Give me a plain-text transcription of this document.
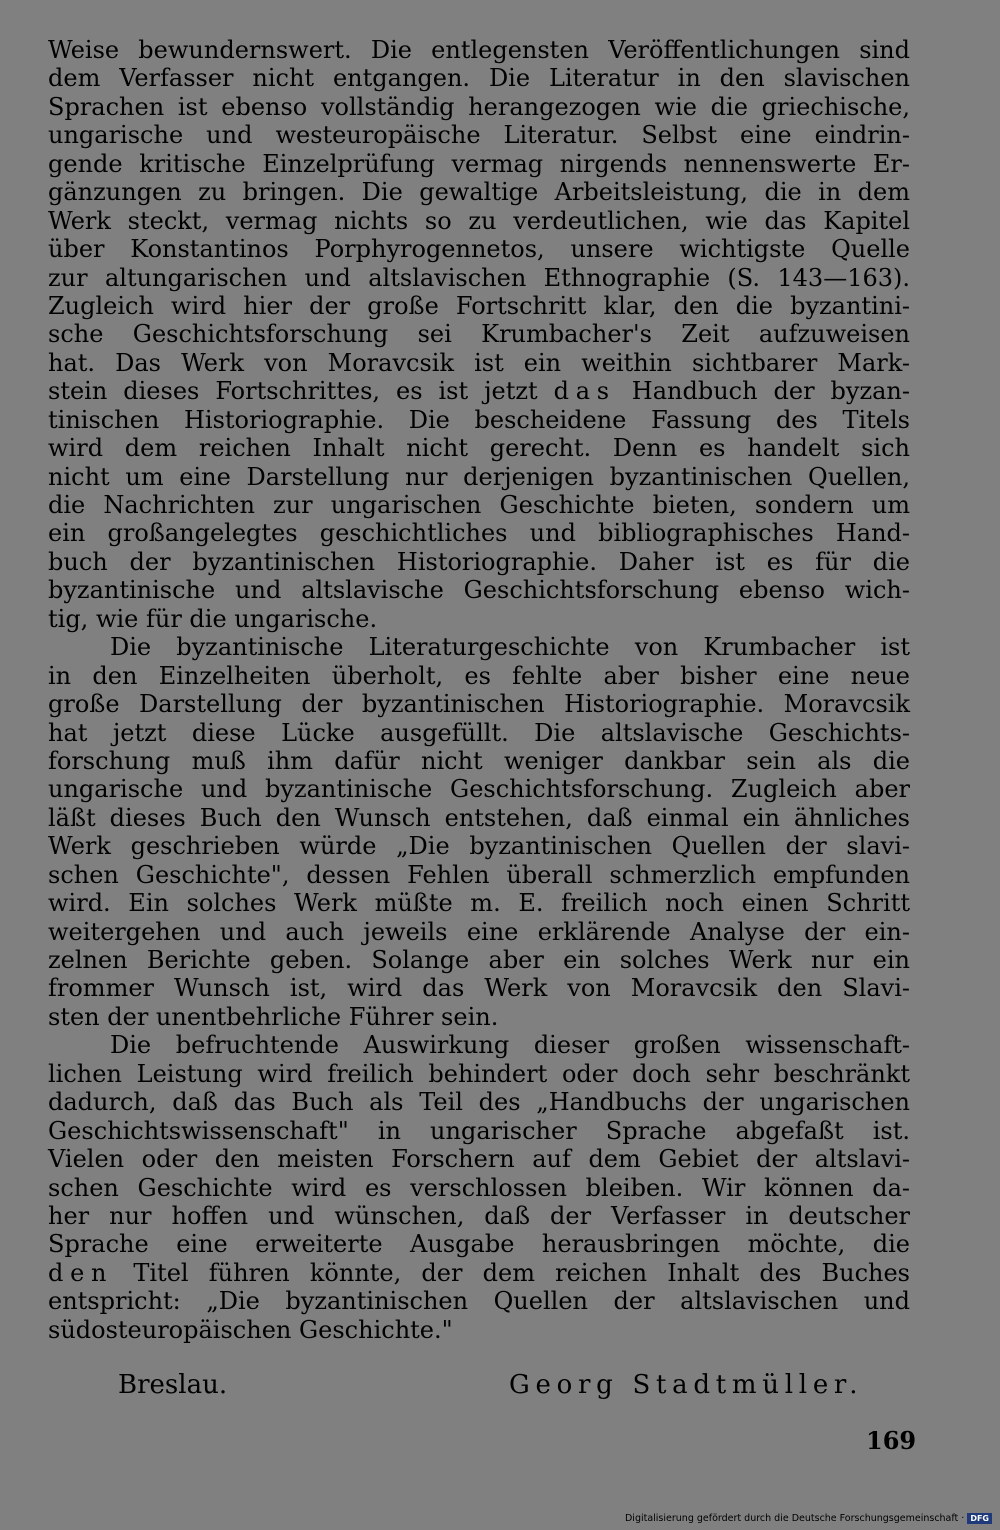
Weise bewundernswert. Die entlegensten Veröffentlichungen sind
dem Verfasser nicht entgangen. Die Literatur in den slavischen
Sprachen ist ebenso vollständig herangezogen wie die griechische,
ungarische und westeuropäische Literatur. Selbst eine eindrin-
gende kritische Einzelprüfung vermag nirgends nennenswerte Er-
gänzungen zu bringen. Die gewaltige Arbeitsleistung, die in dem
Werk steckt, vermag nichts so zu verdeutlichen, wie das Kapitel
über Konstantinos Porphyrogennetos, unsere wichtigste Quelle
zur altungarischen und altslavischen Ethnographie (S. 143—163).
Zugleich wird hier der große Fortschritt klar, den die byzantini-
sche Geschichtsforschung sei Krumbacher's Zeit aufzuweisen
hat. Das Werk von Moravcsik ist ein weithin sichtbarer Mark-
stein dieses Fortschrittes, es ist jetzt das Handbuch der byzan-
tinischen Historiographie. Die bescheidene Fassung des Titels
wird dem reichen Inhalt nicht gerecht. Denn es handelt sich
nicht um eine Darstellung nur derjenigen byzantinischen Quellen,
die Nachrichten zur ungarischen Geschichte bieten, sondern um
ein großangelegtes geschichtliches und bibliographisches Hand-
buch der byzantinischen Historiographie. Daher ist es für die
byzantinische und altslavische Geschichtsforschung ebenso wich-
tig, wie für die ungarische.
Die byzantinische Literaturgeschichte von Krumbacher ist
in den Einzelheiten überholt, es fehlte aber bisher eine neue
große Darstellung der byzantinischen Historiographie. Moravcsik
hat jetzt diese Lücke ausgefüllt. Die altslavische Geschichts-
forschung muß ihm dafür nicht weniger dankbar sein als die
ungarische und byzantinische Geschichtsforschung. Zugleich aber
läßt dieses Buch den Wunsch entstehen, daß einmal ein ähnliches
Werk geschrieben würde „Die byzantinischen Quellen der slavi-
schen Geschichte", dessen Fehlen überall schmerzlich empfunden
wird. Ein solches Werk müßte m. E. freilich noch einen Schritt
weitergehen und auch jeweils eine erklärende Analyse der ein-
zelnen Berichte geben. Solange aber ein solches Werk nur ein
frommer Wunsch ist, wird das Werk von Moravcsik den Slavi-
sten der unentbehrliche Führer sein.
Die befruchtende Auswirkung dieser großen wissenschaft-
lichen Leistung wird freilich behindert oder doch sehr beschränkt
dadurch, daß das Buch als Teil des „Handbuchs der ungarischen
Geschichtswissenschaft" in ungarischer Sprache abgefaßt ist.
Vielen oder den meisten Forschern auf dem Gebiet der altslavi-
schen Geschichte wird es verschlossen bleiben. Wir können da-
her nur hoffen und wünschen, daß der Verfasser in deutscher
Sprache eine erweiterte Ausgabe herausbringen möchte, die
den Titel führen könnte, der dem reichen Inhalt des Buches
entspricht: „Die byzantinischen Quellen der altslavischen und
südosteuropäischen Geschichte."
Breslau.	Georg Stadtmüller.
169
Digitalisierung gefördert durch die Deutsche Forschungsgemeinschaft · DFG
